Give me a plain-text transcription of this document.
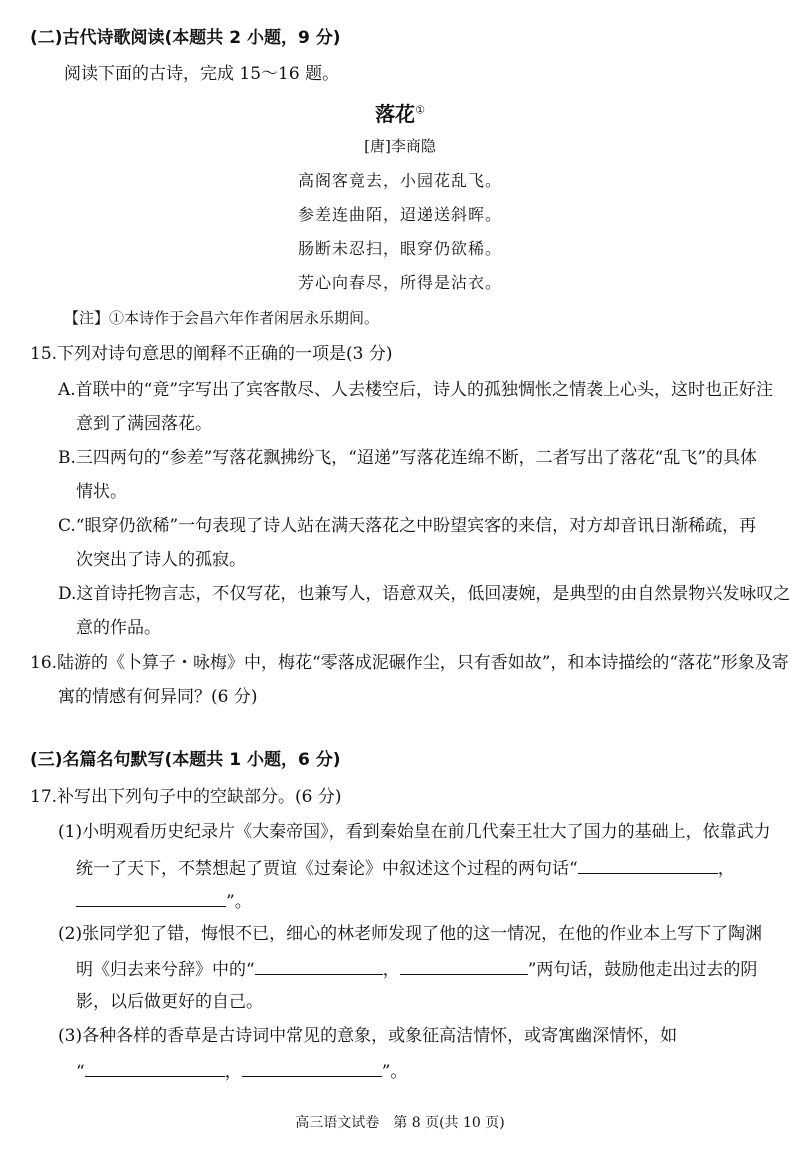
(二)古代诗歌阅读(本题共 2 小题，9 分)
阅读下面的古诗，完成 15～16 题。
落花①
[唐]李商隐
高阁客竟去，小园花乱飞。
参差连曲陌，迢递送斜晖。
肠断未忍扫，眼穿仍欲稀。
芳心向春尽，所得是沾衣。
【注】①本诗作于会昌六年作者闲居永乐期间。
15.下列对诗句意思的阐释不正确的一项是(3 分)
A.首联中的“竟”字写出了宾客散尽、人去楼空后，诗人的孤独惆怅之情袭上心头，这时也正好注
意到了满园落花。
B.三四两句的“参差”写落花飘拂纷飞，“迢递”写落花连绵不断，二者写出了落花“乱飞”的具体
情状。
C.“眼穿仍欲稀”一句表现了诗人站在满天落花之中盼望宾客的来信，对方却音讯日渐稀疏，再
次突出了诗人的孤寂。
D.这首诗托物言志，不仅写花，也兼写人，语意双关，低回凄婉，是典型的由自然景物兴发咏叹之
意的作品。
16.陆游的《卜算子・咏梅》中，梅花“零落成泥碾作尘，只有香如故”，和本诗描绘的“落花”形象及寄
寓的情感有何异同？(6 分)
(三)名篇名句默写(本题共 1 小题，6 分)
17.补写出下列句子中的空缺部分。(6 分)
(1)小明观看历史纪录片《大秦帝国》，看到秦始皇在前几代秦王壮大了国力的基础上，依靠武力
统一了天下，不禁想起了贾谊《过秦论》中叙述这个过程的两句话“	，
”。
(2)张同学犯了错，悔恨不已，细心的林老师发现了他的这一情况，在他的作业本上写下了陶渊
明《归去来兮辞》中的“	，	”两句话，鼓励他走出过去的阴
影，以后做更好的自己。
(3)各种各样的香草是古诗词中常见的意象，或象征高洁情怀，或寄寓幽深情怀，如
“	，	”。
高三语文试卷　第 8 页(共 10 页)
